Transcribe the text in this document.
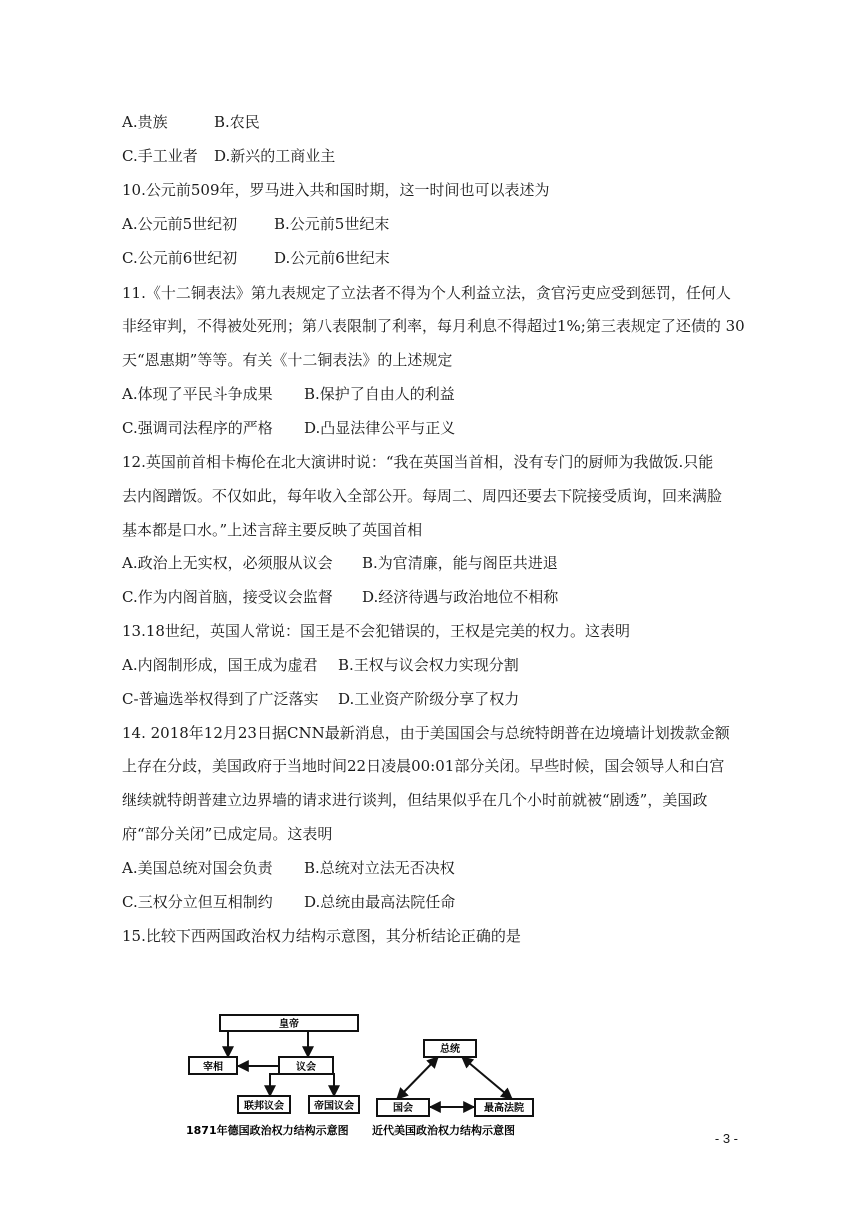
A.贵族	B.农民
C.手工业者 D.新兴的工商业主
10.公元前509年，罗马进入共和国时期，这一时间也可以表述为
A.公元前5世纪初 B.公元前5世纪末
C.公元前6世纪初 D.公元前6世纪末
11.《十二铜表法》第九表规定了立法者不得为个人利益立法，贪官污吏应受到惩罚，任何人
非经审判，不得被处死刑；第八表限制了利率，每月利息不得超过1%;第三表规定了还债的 30
天“恩惠期”等等。有关《十二铜表法》的上述规定
A.体现了平民斗争成果 B.保护了自由人的利益
C.强调司法程序的严格 D.凸显法律公平与正义
12.英国前首相卡梅伦在北大演讲时说：“我在英国当首相，没有专门的厨师为我做饭.只能
去内阁蹭饭。不仅如此，每年收入全部公开。每周二、周四还要去下院接受质询，回来满脸
基本都是口水。”上述言辞主要反映了英国首相
A.政治上无实权，必须服从议会 B.为官清廉，能与阁臣共进退
C.作为内阁首脑，接受议会监督 D.经济待遇与政治地位不相称
13.18世纪，英国人常说：国王是不会犯错误的，王权是完美的权力。这表明
A.内阁制形成，国王成为虚君 B.王权与议会权力实现分割
C-普遍选举权得到了广泛落实 D.工业资产阶级分享了权力
14. 2018年12月23日据CNN最新消息，由于美国国会与总统特朗普在边境墙计划拨款金额
上存在分歧，美国政府于当地时间22日凌晨00:01部分关闭。早些时候，国会领导人和白宫
继续就特朗普建立边界墙的请求进行谈判，但结果似乎在几个小时前就被“剧透”，美国政
府“部分关闭”已成定局。这表明
A.美国总统对国会负责 B.总统对立法无否决权
C.三权分立但互相制约 D.总统由最高法院任命
15.比较下西两国政治权力结构示意图，其分析结论正确的是
皇帝
宰相	议会
联邦议会	帝国议会
1871年德国政治权力结构示意图
总统
国会	最高法院
近代美国政治权力结构示意图
- 3 -
